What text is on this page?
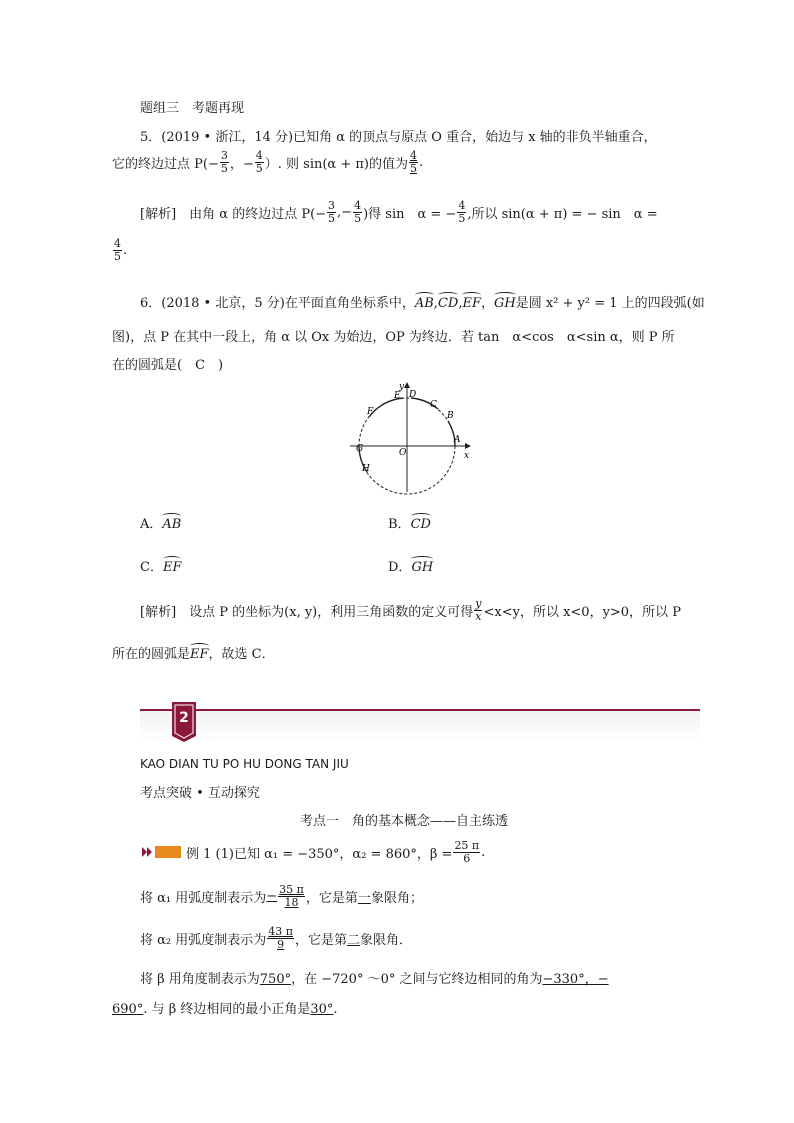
题组三　考题再现
5．(2019 • 浙江，14 分)已知角 α 的顶点与原点 O 重合，始边与 x 轴的非负半轴重合，
它的终边过点 $P(- \frac{3}{5}$ ，− $\frac{4}{5}$ ）. 则 sin(α + π)的值为 $\frac{4}{5}$ .
[解析] 　由角 α 的终边过点 $P(- \frac{3}{5}$ ,− $\frac{4}{5}$ )得 sin　α = − $\frac{4}{5}$ ,所以 sin(α + π) = − sin　α =
$\frac{4}{5}$ .
6．(2018 • 北京，5 分)在平面直角坐标系中，AB,CD,EF，GH是圆 x² + y² = 1 上的四段弧(如
图)，点 P 在其中一段上，角 α 以 Ox 为始边，OP 为终边．若 tan　α<cos　α<sin α，则 P 所
在的圆弧是(　C　)
x
y
O
A
B
C
D
E
F
G
H
A．AB	B．CD
C．EF	D．GH
[解析] 　设点 P 的坐标为(x, y)，利用三角函数的定义可得 $\frac{y}{x} <x<y$，所以 x<0，y>0，所以 P
所在的圆弧是EF，故选 C．
2
KAO DIAN TU PO HU DONG TAN JIU
考点突破 • 互动探究
考点一　角的基本概念——自主练透
例 1 (1)已知 α₁ = −350°，α₂ = 860°，$\beta = \frac{25 \pi}{6}$ .
将 α₁ 用弧度制表示为 − $\frac{35 \pi}{18}$ ，它是第 一 象限角；
将 α₂ 用弧度制表示为 $\frac{43 \pi}{9}$ ，它是第 二 象限角．
将 β 用角度制表示为750°，在 −720° ～0° 之间与它终边相同的角为−330°，−
690°. 与 β 终边相同的最小正角是30°.
